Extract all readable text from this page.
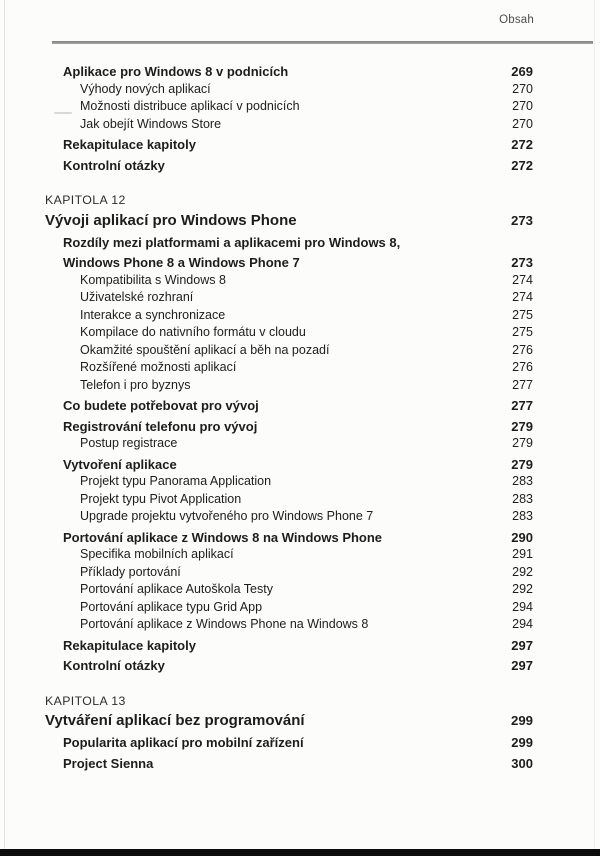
Obsah
Aplikace pro Windows 8 v podnicích	269
Výhody nových aplikací	270
Možnosti distribuce aplikací v podnicích	270
Jak obejít Windows Store	270
Rekapitulace kapitoly	272
Kontrolní otázky	272
KAPITOLA 12
Vývoji aplikací pro Windows Phone	273
Rozdíly mezi platformami a aplikacemi pro Windows 8,
Windows Phone 8 a Windows Phone 7	273
Kompatibilita s Windows 8	274
Uživatelské rozhraní	274
Interakce a synchronizace	275
Kompilace do nativního formátu v cloudu	275
Okamžité spouštění aplikací a běh na pozadí	276
Rozšířené možnosti aplikací	276
Telefon i pro byznys	277
Co budete potřebovat pro vývoj	277
Registrování telefonu pro vývoj	279
Postup registrace	279
Vytvoření aplikace	279
Projekt typu Panorama Application	283
Projekt typu Pivot Application	283
Upgrade projektu vytvořeného pro Windows Phone 7	283
Portování aplikace z Windows 8 na Windows Phone	290
Specifika mobilních aplikací	291
Příklady portování	292
Portování aplikace Autoškola Testy	292
Portování aplikace typu Grid App	294
Portování aplikace z Windows Phone na Windows 8	294
Rekapitulace kapitoly	297
Kontrolní otázky	297
KAPITOLA 13
Vytváření aplikací bez programování	299
Popularita aplikací pro mobilní zařízení	299
Project Sienna	300
